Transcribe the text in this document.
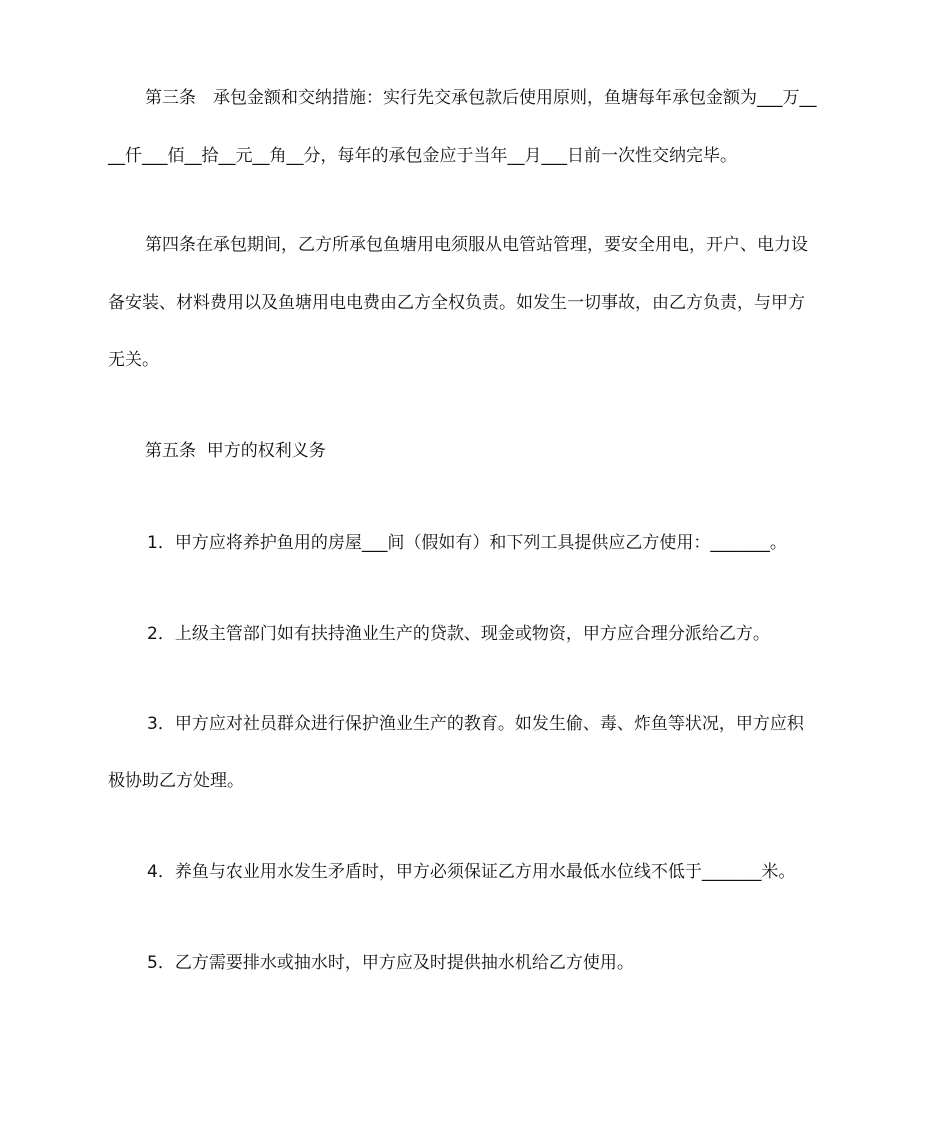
第三条　承包金额和交纳措施：实行先交承包款后使用原则，鱼塘每年承包金额为___万__
__仟___佰__拾__元__角__分，每年的承包金应于当年__月___日前一次性交纳完毕。
第四条在承包期间，乙方所承包鱼塘用电须服从电管站管理，要安全用电，开户、电力设
备安装、材料费用以及鱼塘用电电费由乙方全权负责。如发生一切事故，由乙方负责，与甲方
无关。
第五条  甲方的权利义务
1．甲方应将养护鱼用的房屋___间（假如有）和下列工具提供应乙方使用：_______。
2．上级主管部门如有扶持渔业生产的贷款、现金或物资，甲方应合理分派给乙方。
3．甲方应对社员群众进行保护渔业生产的教育。如发生偷、毒、炸鱼等状况，甲方应积
极协助乙方处理。
4．养鱼与农业用水发生矛盾时，甲方必须保证乙方用水最低水位线不低于_______米。
5．乙方需要排水或抽水时，甲方应及时提供抽水机给乙方使用。
